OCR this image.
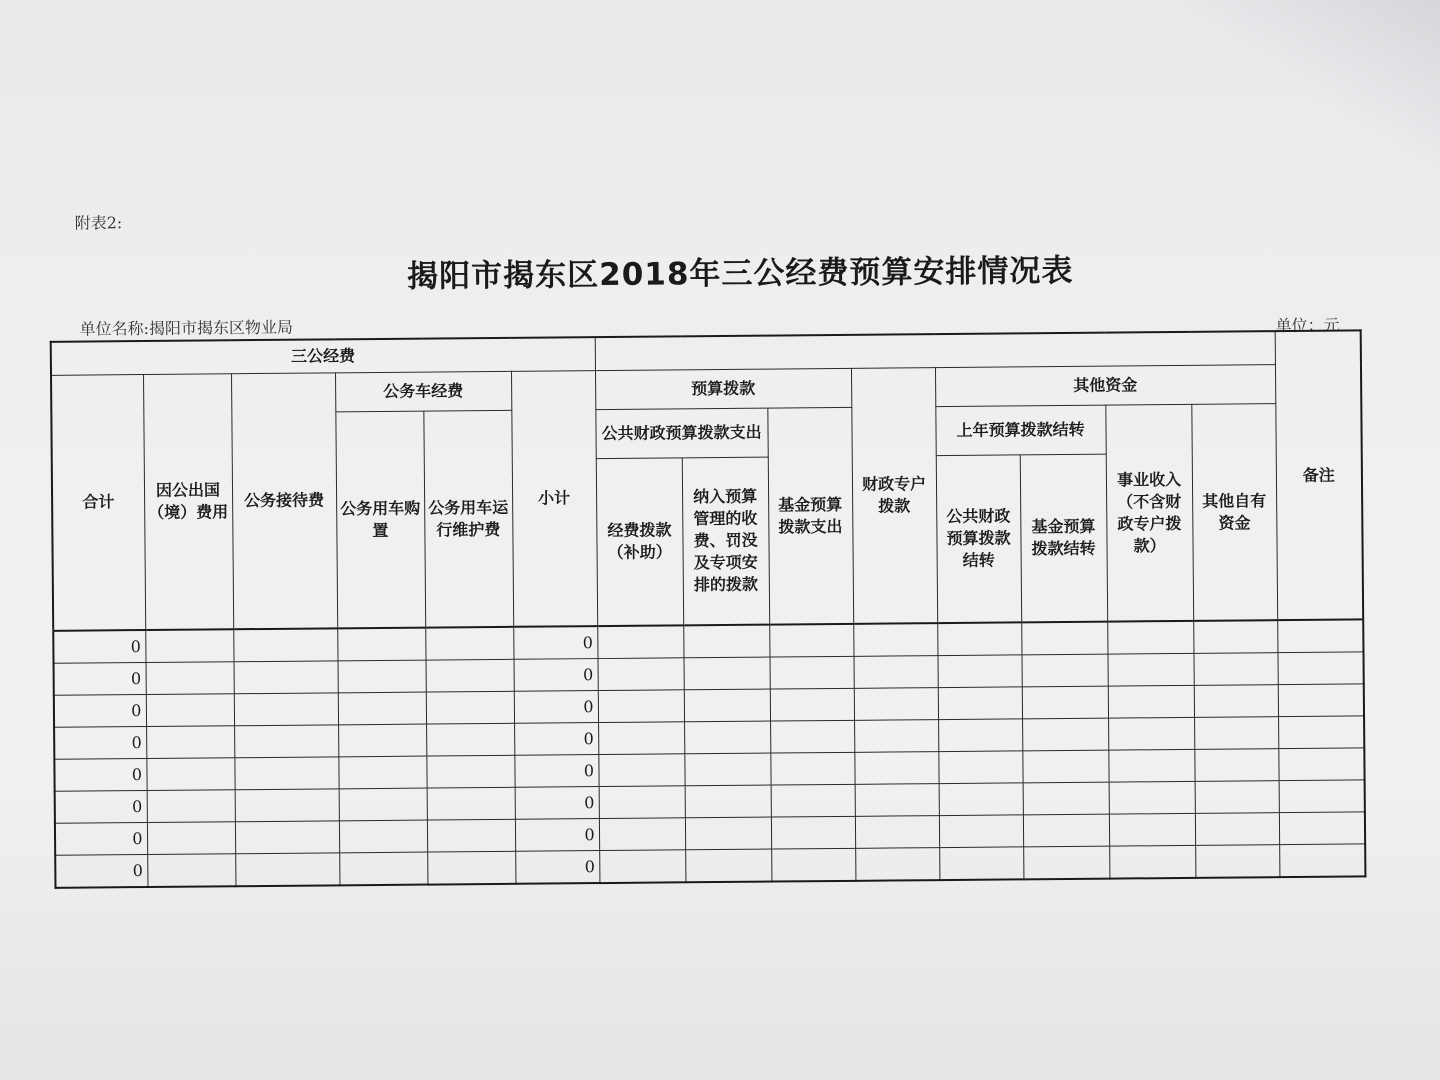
附表2:
揭阳市揭东区2018年三公经费预算安排情况表
单位名称:揭阳市揭东区物业局	单位：元
三公经费														备注
合计	因公出国（境）费用	公务接待费	公务车经费		小计	预算拨款			财政专户拨款	其他资金				
			公务用车购置	公务用车运行维护费		公共财政预算拨款支出		基金预算拨款支出		上年预算拨款结转		事业收入（不含财政专户拨款）	其他自有资金	
						经费拨款（补助）	纳入预算管理的收费、罚没及专项安排的拨款			公共财政预算拨款结转	基金预算拨款结转			
0					0									
0					0									
0					0									
0					0									
0					0									
0					0									
0					0									
0					0									
